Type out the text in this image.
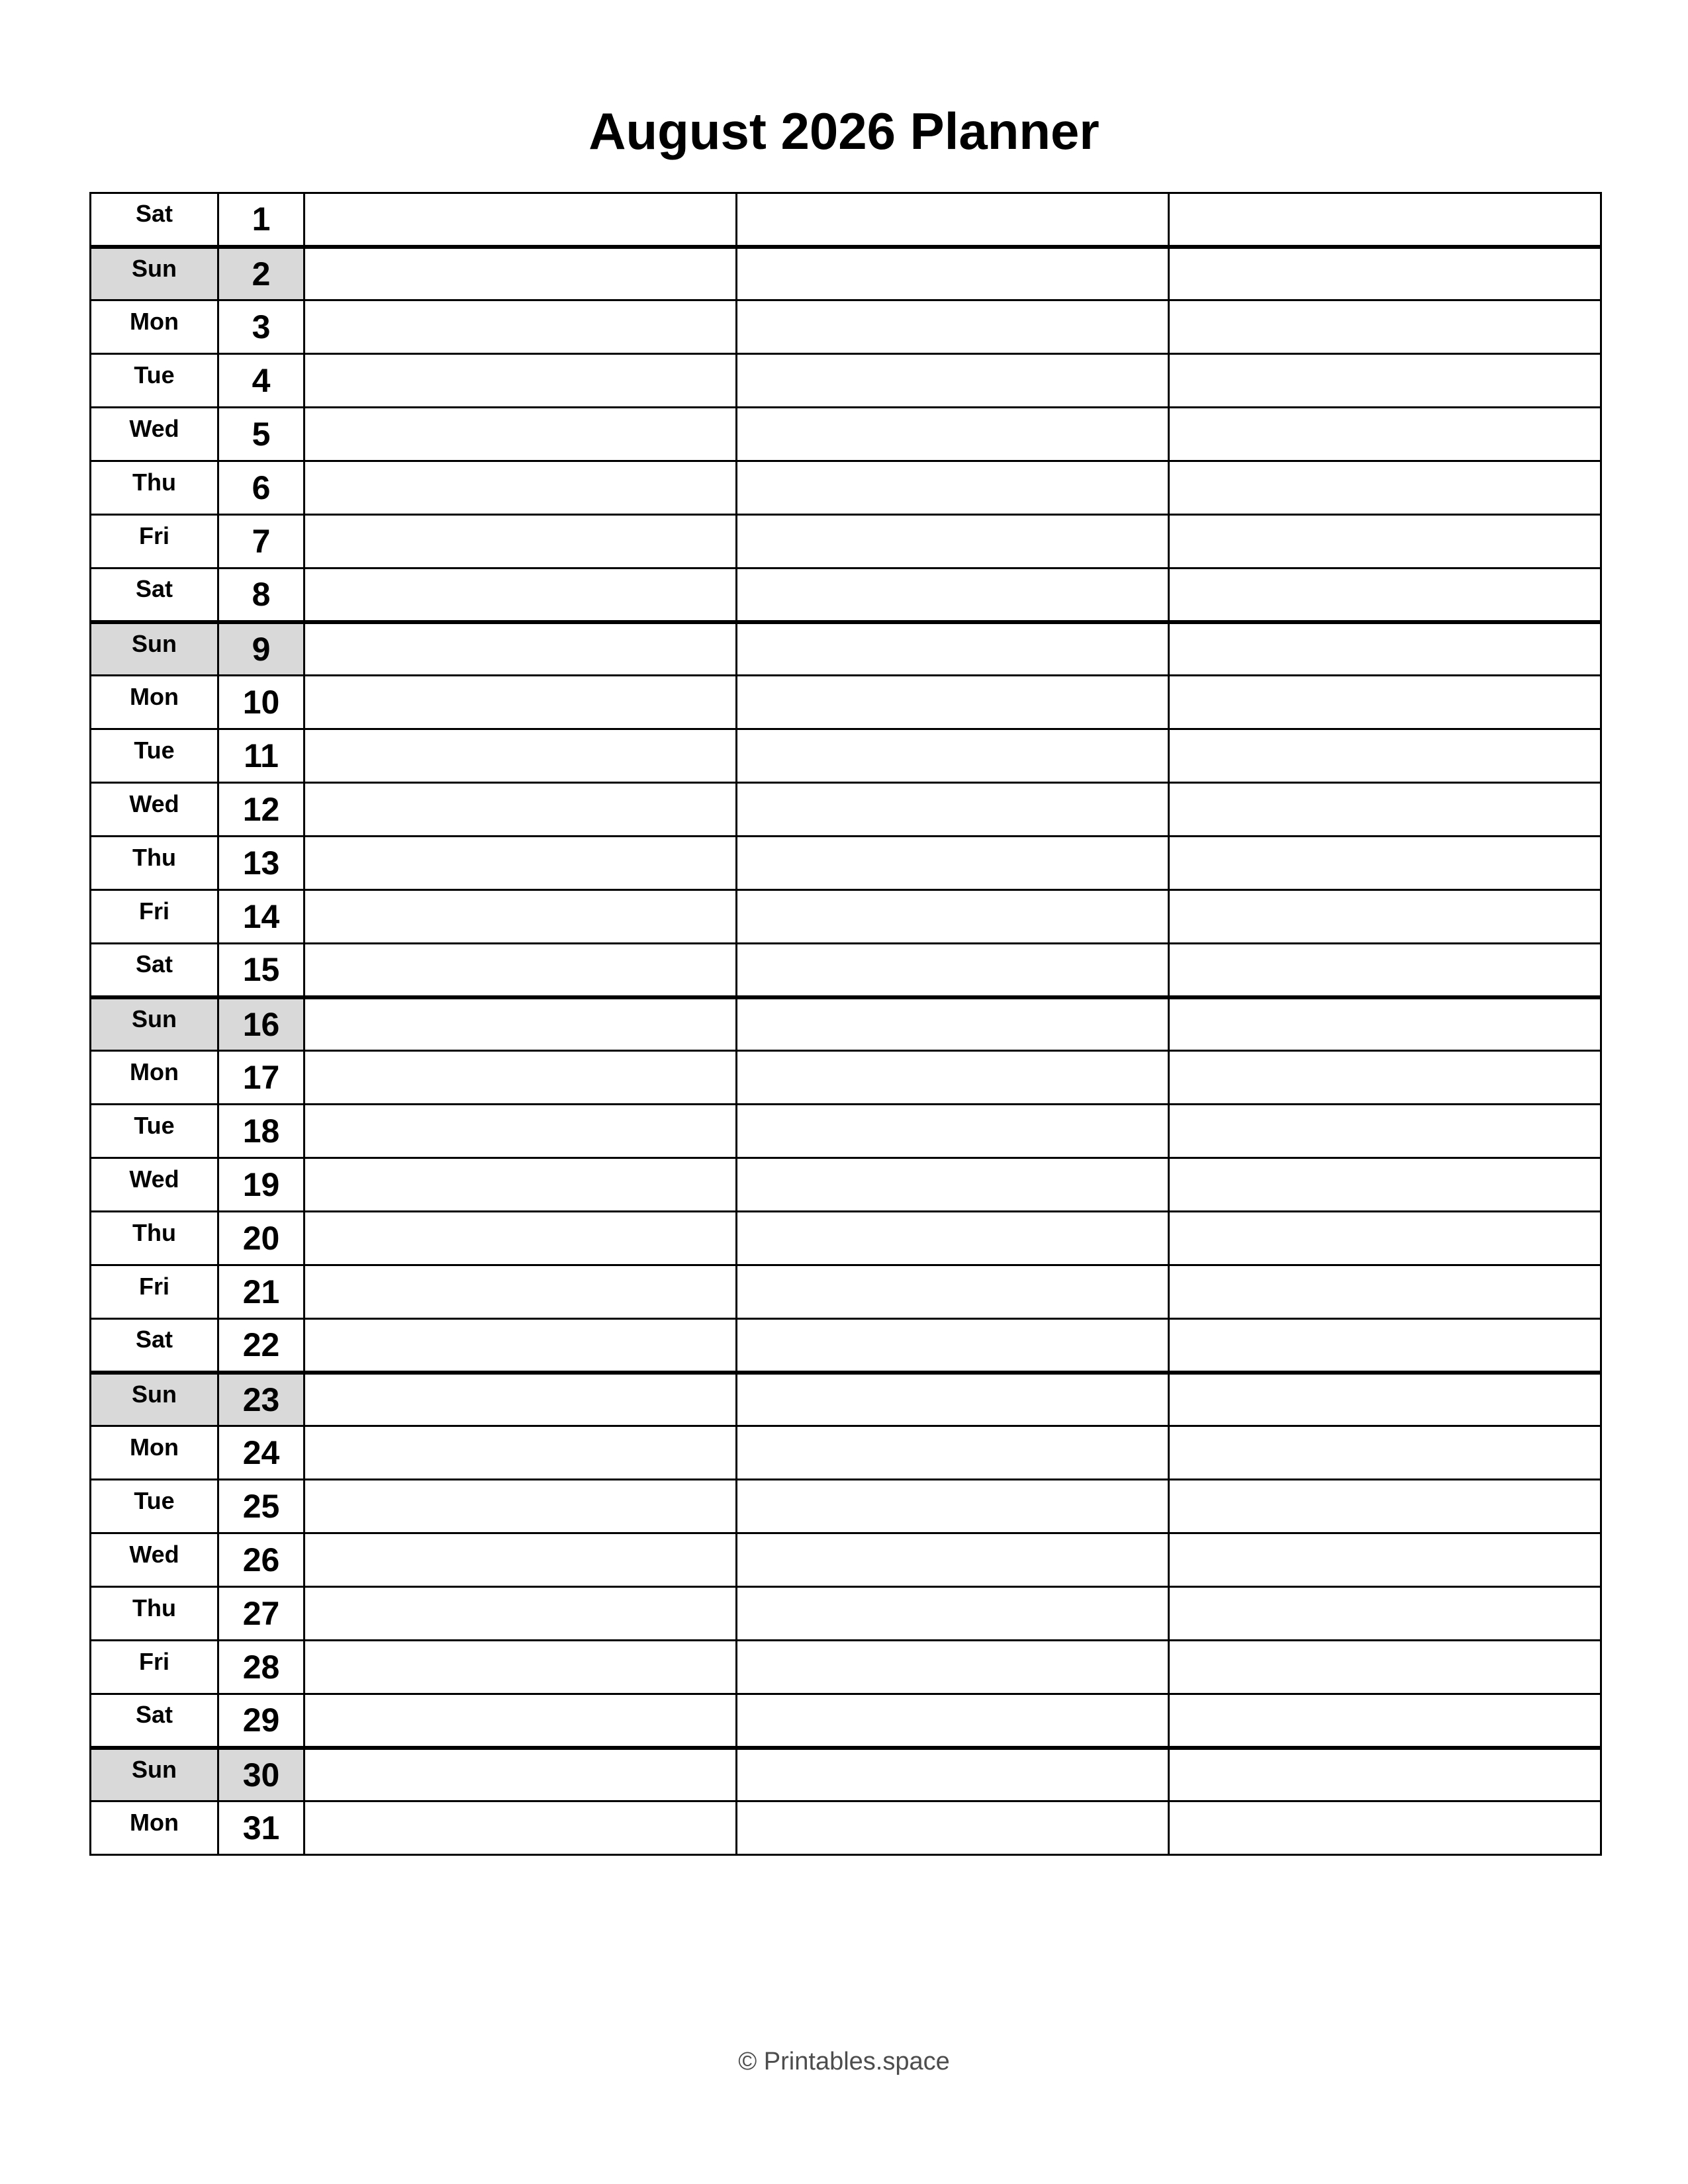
August 2026 Planner
Sat	1			
Sun	2			
Mon	3			
Tue	4			
Wed	5			
Thu	6			
Fri	7			
Sat	8			
Sun	9			
Mon	10			
Tue	11			
Wed	12			
Thu	13			
Fri	14			
Sat	15			
Sun	16			
Mon	17			
Tue	18			
Wed	19			
Thu	20			
Fri	21			
Sat	22			
Sun	23			
Mon	24			
Tue	25			
Wed	26			
Thu	27			
Fri	28			
Sat	29			
Sun	30			
Mon	31			
© Printables.space
